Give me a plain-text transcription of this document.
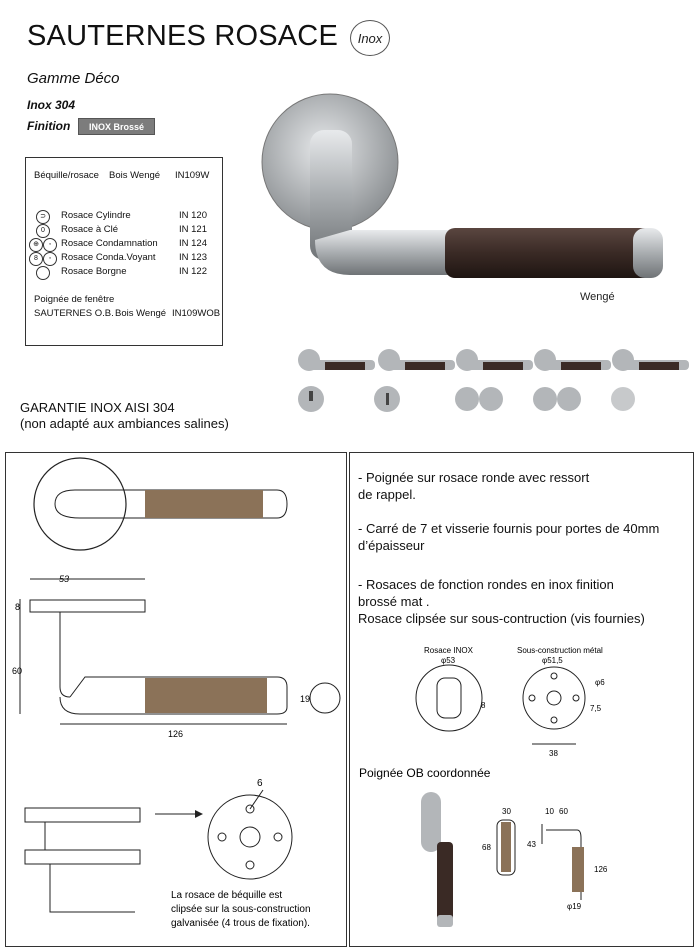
SAUTERNES ROSACE	Inox
Gamme Déco
Inox 304
Finition	INOX Brossé
Béquille/rosace Bois Wengé IN109W
⊃	Rosace Cylindre	IN 120
0	Rosace à Clé	IN 121
⊕	◦	Rosace Condamnation IN 124
8	◦	Rosace Conda.Voyant IN 123
Rosace Borgne	IN 122
Poignée de fenêtre
SAUTERNES O.B. Bois Wengé IN109WOB
Wengé
GARANTIE INOX AISI 304
(non adapté aux ambiances salines)
53
8
60
126
19
6
La rosace de béquille est
clipsée sur la sous-construction
galvanisée (4 trous de fixation).
- Poignée sur rosace ronde avec ressort
de rappel.
- Carré de 7 et visserie fournis pour portes de 40mm
d’épaisseur
- Rosaces de fonction rondes en inox finition
brossé mat .
Rosace clipsée sur sous-contruction (vis fournies)
Rosace INOX
φ53
8
Sous-construction métal
φ51,5
φ6
7,5
38
Poignée OB coordonnée
30
68
10 60
43
126
φ19
